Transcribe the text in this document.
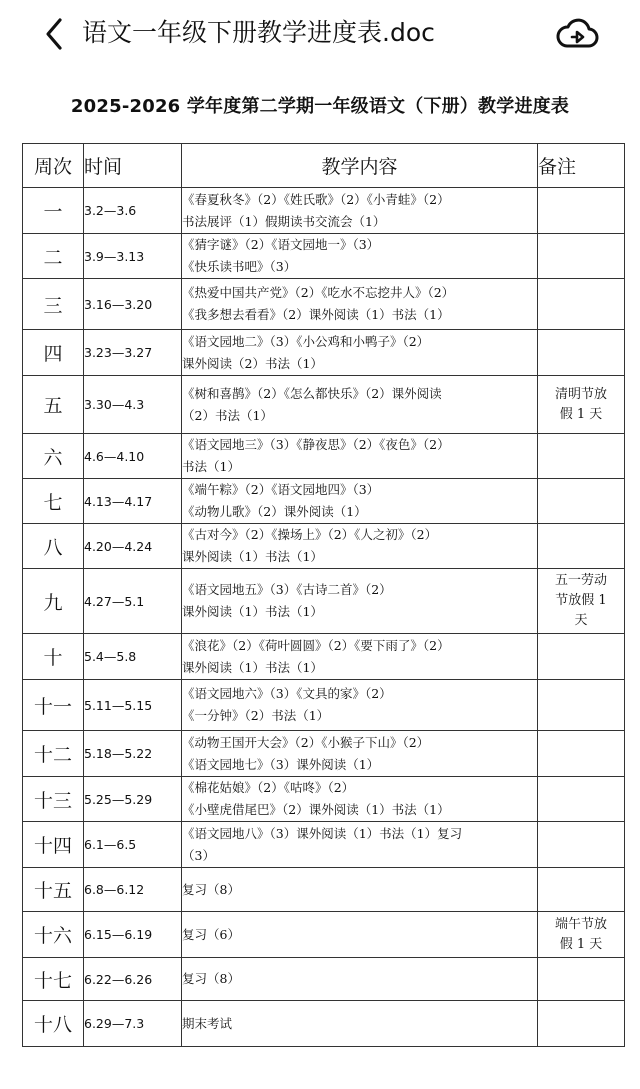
语文一年级下册教学进度表.doc
2025-2026 学年度第二学期一年级语文（下册）教学进度表
周次	时间	教学内容	备注
一	3.2—3.6	《春夏秋冬》（2）《姓氏歌》（2）《小青蛙》（2）
书法展评（1）假期读书交流会（1）	
二	3.9—3.13	《猜字谜》（2）《语文园地一》（3）
《快乐读书吧》（3）	
三	3.16—3.20	《热爱中国共产党》（2）《吃水不忘挖井人》（2）
《我多想去看看》（2）课外阅读（1）书法（1）	
四	3.23—3.27	《语文园地二》（3）《小公鸡和小鸭子》（2）
课外阅读（2）书法（1）	
五	3.30—4.3	《树和喜鹊》（2）《怎么都快乐》（2）课外阅读
（2）书法（1）	清明节放
假 1 天
六	4.6—4.10	《语文园地三》（3）《静夜思》（2）《夜色》（2）
书法（1）	
七	4.13—4.17	《端午粽》（2）《语文园地四》（3）
《动物儿歌》（2）课外阅读（1）	
八	4.20—4.24	《古对今》（2）《操场上》（2）《人之初》（2）
课外阅读（1）书法（1）	
九	4.27—5.1	《语文园地五》（3）《古诗二首》（2）
课外阅读（1）书法（1）	五一劳动
节放假 1
天
十	5.4—5.8	《浪花》（2）《荷叶圆圆》（2）《要下雨了》（2）
课外阅读（1）书法（1）	
十一	5.11—5.15	《语文园地六》（3）《文具的家》（2）
《一分钟》（2）书法（1）	
十二	5.18—5.22	《动物王国开大会》（2）《小猴子下山》（2）
《语文园地七》（3）课外阅读（1）	
十三	5.25—5.29	《棉花姑娘》（2）《咕咚》（2）
《小壁虎借尾巴》（2）课外阅读（1）书法（1）	
十四	6.1—6.5	《语文园地八》（3）课外阅读（1）书法（1）复习
（3）	
十五	6.8—6.12	复习（8）	
十六	6.15—6.19	复习（6）	端午节放
假 1 天
十七	6.22—6.26	复习（8）	
十八	6.29—7.3	期末考试	
